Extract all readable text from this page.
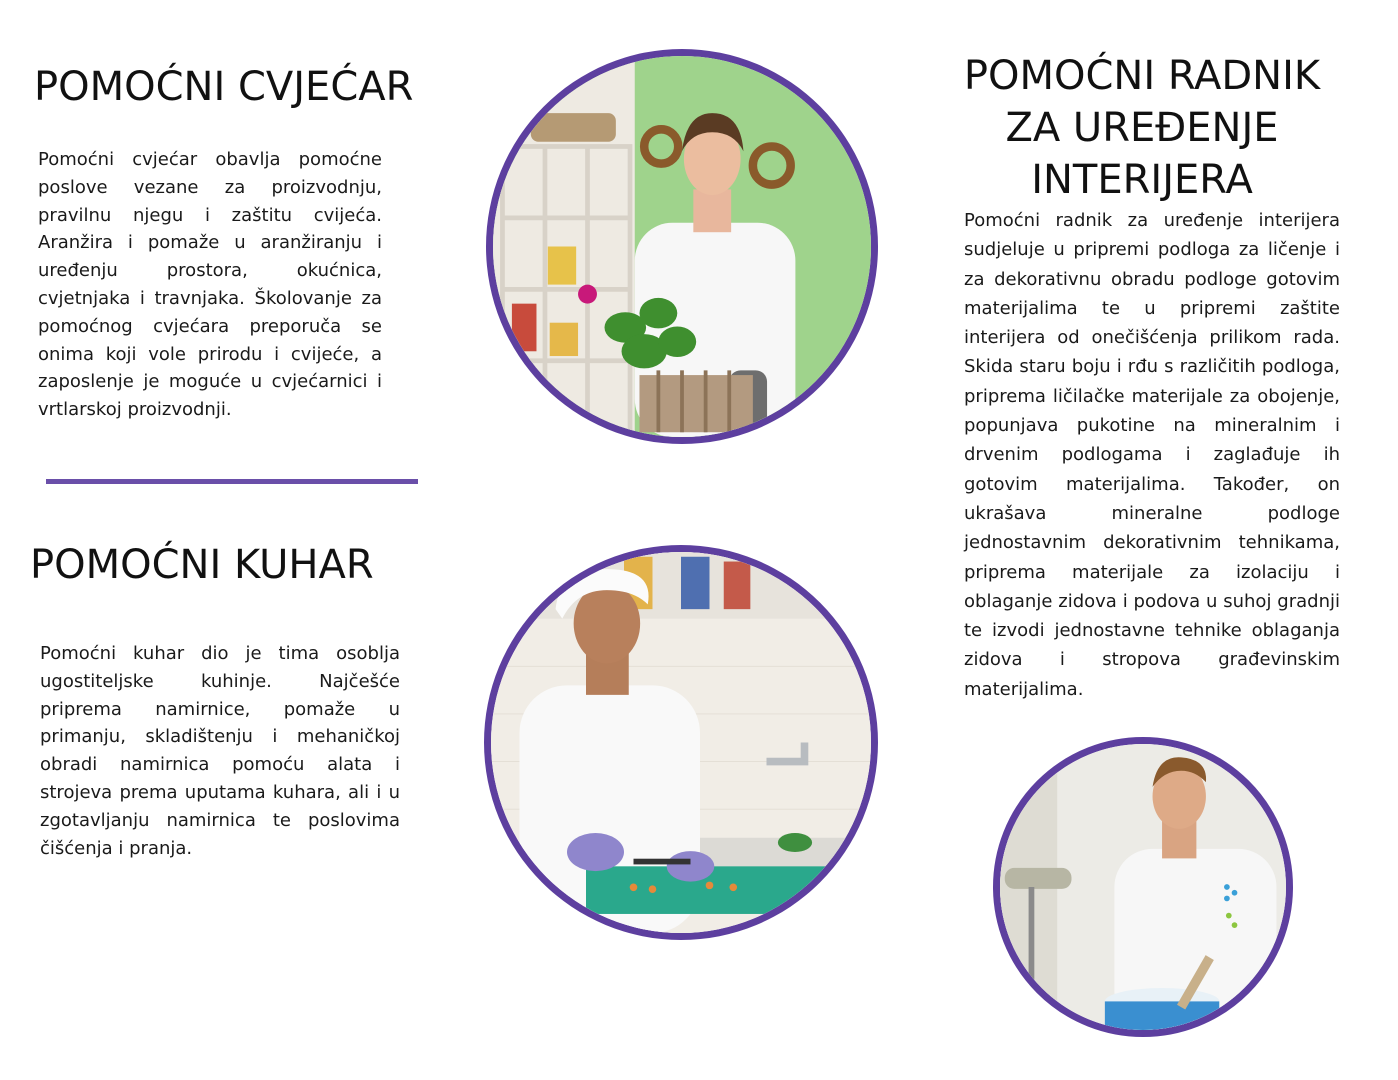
POMOĆNI CVJEĆAR

Pomoćni cvjećar obavlja pomoćne poslove vezane za proizvodnju, pravilnu njegu i zaštitu cvijeća. Aranžira i pomaže u aranžiranju i uređenju prostora, okućnica, cvjetnjaka i travnjaka. Školovanje za pomoćnog cvjećara preporuča se onima koji vole prirodu i cvijeće, a zaposlenje je moguće u cvjećarnici i vrtlarskoj proizvodnji.

POMOĆNI KUHAR

Pomoćni kuhar dio je tima osoblja ugostiteljske kuhinje. Najčešće priprema namirnice, pomaže u primanju, skladištenju i mehaničkoj obradi namirnica pomoću alata i strojeva prema uputama kuhara, ali i u zgotavljanju namirnica te poslovima čišćenja i pranja.

POMOĆNI RADNIK ZA UREĐENJE INTERIJERA

Pomoćni radnik za uređenje interijera sudjeluje u pripremi podloga za ličenje i za dekorativnu obradu podloge gotovim materijalima te u pripremi zaštite interijera od onečišćenja prilikom rada. Skida staru boju i rđu s različitih podloga, priprema ličilačke materijale za obojenje, popunjava pukotine na mineralnim i drvenim podlogama i zaglađuje ih gotovim materijalima. Također, on ukrašava mineralne podloge jednostavnim dekorativnim tehnikama, priprema materijale za izolaciju i oblaganje zidova i podova u suhoj gradnji te izvodi jednostavne tehnike oblaganja zidova i stropova građevinskim materijalima.
